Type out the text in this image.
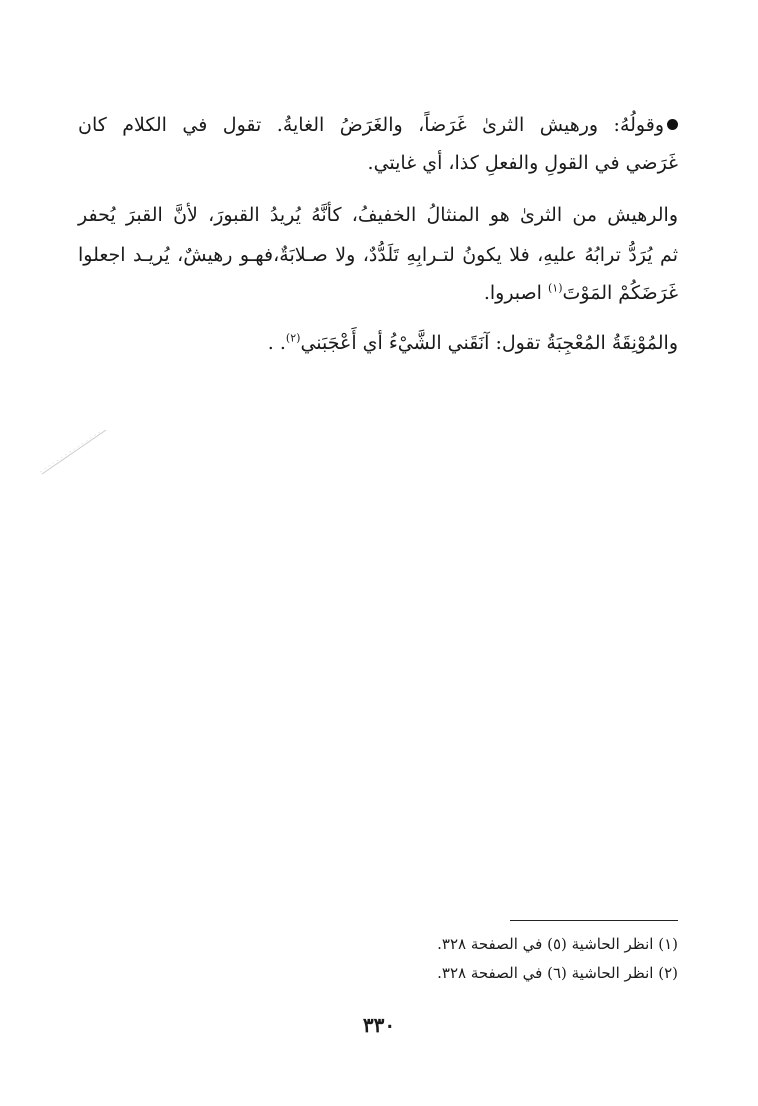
وقولُهُ: ورهيش الثرىٰ غَرَضاً، والغَرَضُ الغايةُ. تقول في الكلام كان
غَرَضي في القولِ والفعلِ كذا، أي غايتي.
والرهيش من الثرىٰ هو المنثالُ الخفيفُ، كأنَّهُ يُريدُ القبورَ، لأنَّ القبرَ يُحفر
ثم يُرَدُّ ترابُهُ عليهِ، فلا يكونُ لتـرابِهِ تَلَدُّدٌ، ولا صـلابَةٌ،فهـو رهيشٌ، يُريـد اجعلوا
غَرَضَكُمْ المَوْتَ$^{(١)}$ اصبروا.
والمُوْنِقَةُ المُعْجِبَةُ تقول: آنَقَني الشَّيْءُ أي أَعْجَبَني$^{(٢)}$. .
(١) انظر الحاشية (٥) في الصفحة ٣٢٨.
(٢) انظر الحاشية (٦) في الصفحة ٣٢٨.
٣٣٠
